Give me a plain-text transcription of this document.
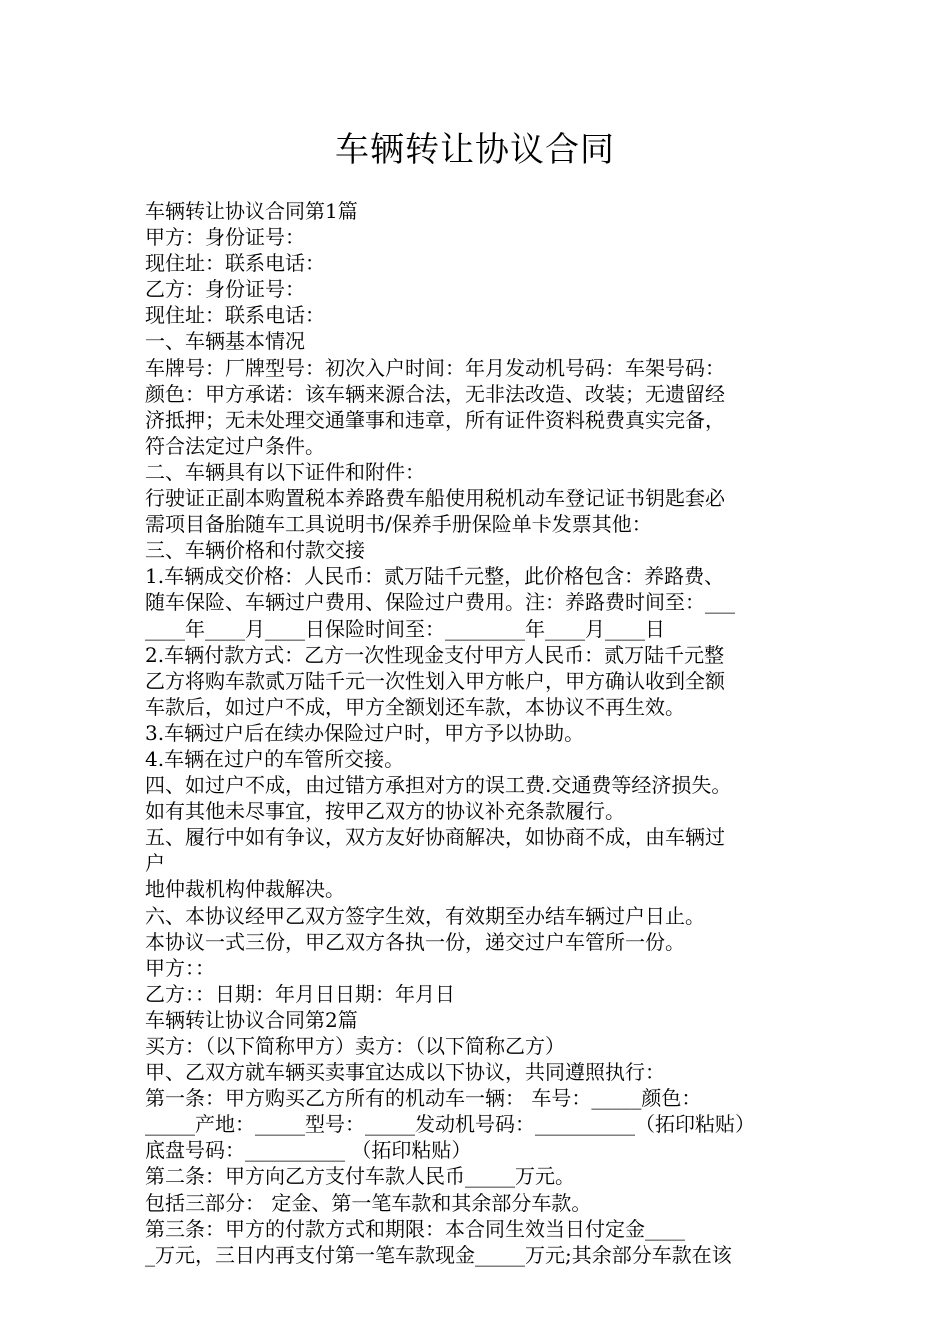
车辆转让协议合同
车辆转让协议合同第1篇
甲方：身份证号：
现住址：联系电话：
乙方：身份证号：
现住址：联系电话：
一、车辆基本情况
车牌号：厂牌型号：初次入户时间：年月发动机号码：车架号码：
颜色：甲方承诺：该车辆来源合法，无非法改造、改装；无遗留经
济抵押；无未处理交通肇事和违章，所有证件资料税费真实完备，
符合法定过户条件。
二、车辆具有以下证件和附件：
行驶证正副本购置税本养路费车船使用税机动车登记证书钥匙套必
需项目备胎随车工具说明书/保养手册保险单卡发票其他：
三、车辆价格和付款交接
1.车辆成交价格：人民币：贰万陆千元整，此价格包含：养路费、
随车保险、车辆过户费用、保险过户费用。注：养路费时间至：___
____年____月____日保险时间至：________年____月____日
2.车辆付款方式：乙方一次性现金支付甲方人民币：贰万陆千元整
乙方将购车款贰万陆千元一次性划入甲方帐户，甲方确认收到全额
车款后，如过户不成，甲方全额划还车款，本协议不再生效。
3.车辆过户后在续办保险过户时，甲方予以协助。
4.车辆在过户的车管所交接。
四、如过户不成，由过错方承担对方的误工费.交通费等经济损失。
如有其他未尽事宜，按甲乙双方的协议补充条款履行。
五、履行中如有争议，双方友好协商解决，如协商不成，由车辆过
户
地仲裁机构仲裁解决。
六、本协议经甲乙双方签字生效，有效期至办结车辆过户日止。
本协议一式三份，甲乙双方各执一份，递交过户车管所一份。
甲方：：
乙方：：日期：年月日日期：年月日
车辆转让协议合同第2篇
买方：（以下简称甲方）卖方：（以下简称乙方）
甲、乙双方就车辆买卖事宜达成以下协议，共同遵照执行：
第一条：甲方购买乙方所有的机动车一辆： 车号：_____颜色：
_____产地：_____型号：_____发动机号码：__________（拓印粘贴）
底盘号码：__________ （拓印粘贴）
第二条：甲方向乙方支付车款人民币_____万元。
包括三部分： 定金、第一笔车款和其余部分车款。
第三条：甲方的付款方式和期限：本合同生效当日付定金____
_万元，三日内再支付第一笔车款现金_____万元;其余部分车款在该
